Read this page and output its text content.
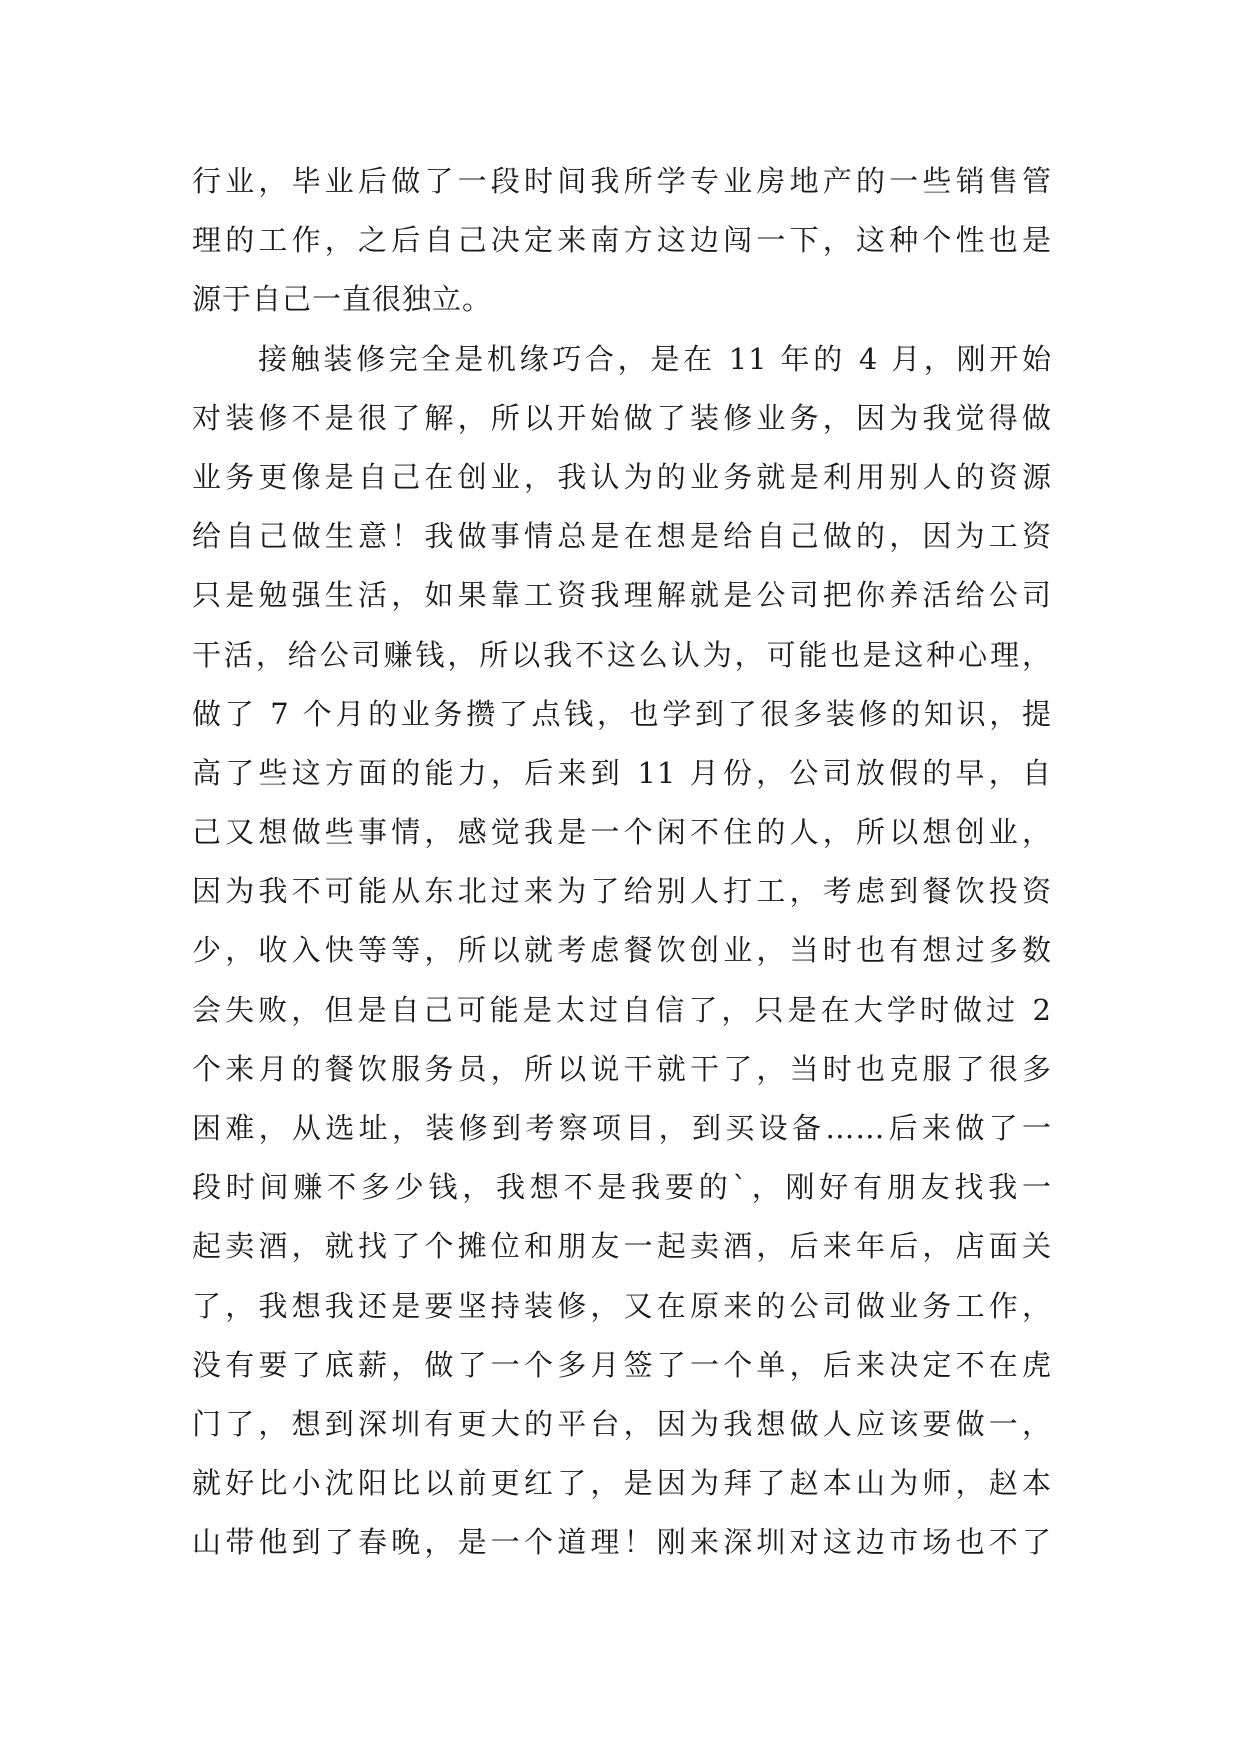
行业，毕业后做了一段时间我所学专业房地产的一些销售管
理的工作，之后自己决定来南方这边闯一下，这种个性也是
源于自己一直很独立。
接触装修完全是机缘巧合，是在 11 年的 4 月，刚开始
对装修不是很了解，所以开始做了装修业务，因为我觉得做
业务更像是自己在创业，我认为的业务就是利用别人的资源
给自己做生意！我做事情总是在想是给自己做的，因为工资
只是勉强生活，如果靠工资我理解就是公司把你养活给公司
干活，给公司赚钱，所以我不这么认为，可能也是这种心理，
做了 7 个月的业务攒了点钱，也学到了很多装修的知识，提
高了些这方面的能力，后来到 11 月份，公司放假的早，自
己又想做些事情，感觉我是一个闲不住的人，所以想创业，
因为我不可能从东北过来为了给别人打工，考虑到餐饮投资
少，收入快等等，所以就考虑餐饮创业，当时也有想过多数
会失败，但是自己可能是太过自信了，只是在大学时做过 2
个来月的餐饮服务员，所以说干就干了，当时也克服了很多
困难，从选址，装修到考察项目，到买设备……后来做了一
段时间赚不多少钱，我想不是我要的`，刚好有朋友找我一
起卖酒，就找了个摊位和朋友一起卖酒，后来年后，店面关
了，我想我还是要坚持装修，又在原来的公司做业务工作，
没有要了底薪，做了一个多月签了一个单，后来决定不在虎
门了，想到深圳有更大的平台，因为我想做人应该要做一，
就好比小沈阳比以前更红了，是因为拜了赵本山为师，赵本
山带他到了春晚，是一个道理！刚来深圳对这边市场也不了
